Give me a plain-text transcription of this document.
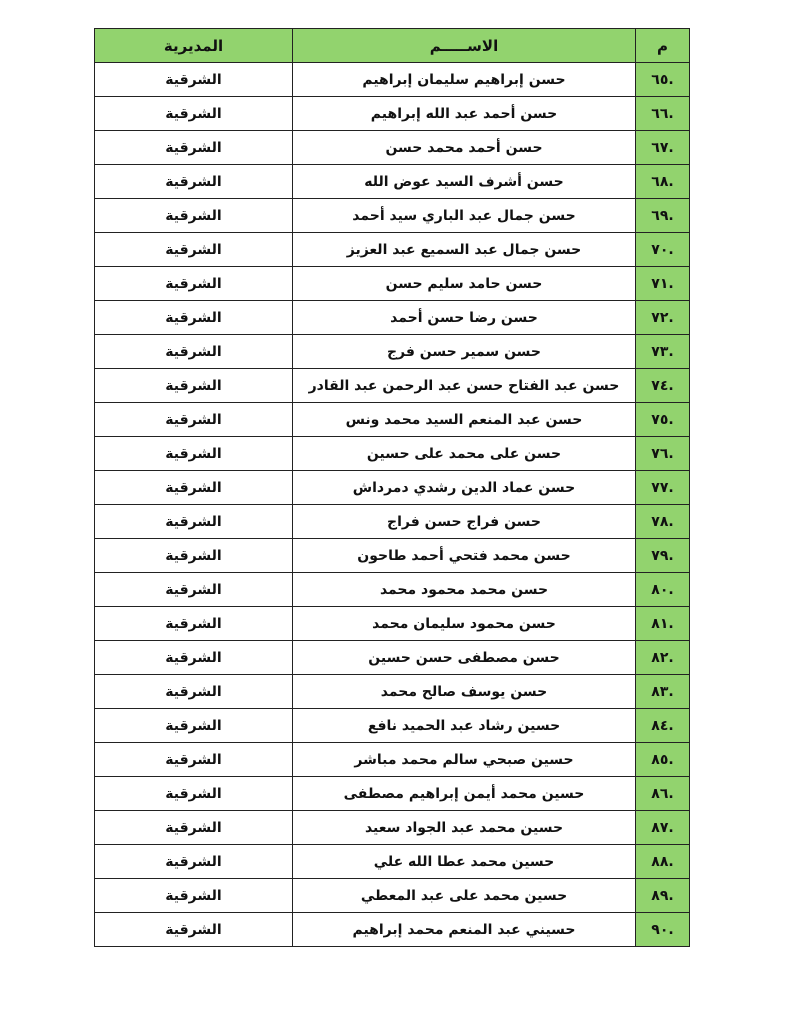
م	الاســـــم	المديرية
.٦٥	حسن إبراهيم سليمان إبراهيم	الشرقية
.٦٦	حسن أحمد عبد الله إبراهيم	الشرقية
.٦٧	حسن أحمد محمد حسن	الشرقية
.٦٨	حسن أشرف السيد عوض الله	الشرقية
.٦٩	حسن جمال عبد الباري سيد أحمد	الشرقية
.٧٠	حسن جمال عبد السميع عبد العزيز	الشرقية
.٧١	حسن حامد سليم حسن	الشرقية
.٧٢	حسن رضا حسن أحمد	الشرقية
.٧٣	حسن سمير حسن فرج	الشرقية
.٧٤	حسن عبد الفتاح حسن عبد الرحمن عبد القادر	الشرقية
.٧٥	حسن عبد المنعم السيد محمد ونس	الشرقية
.٧٦	حسن على محمد على حسين	الشرقية
.٧٧	حسن عماد الدين رشدي دمرداش	الشرقية
.٧٨	حسن فراج حسن فراج	الشرقية
.٧٩	حسن محمد فتحي أحمد طاحون	الشرقية
.٨٠	حسن محمد محمود محمد	الشرقية
.٨١	حسن محمود سليمان محمد	الشرقية
.٨٢	حسن مصطفى حسن حسين	الشرقية
.٨٣	حسن يوسف صالح محمد	الشرقية
.٨٤	حسين رشاد عبد الحميد نافع	الشرقية
.٨٥	حسين صبحي سالم محمد مباشر	الشرقية
.٨٦	حسين محمد أيمن إبراهيم مصطفى	الشرقية
.٨٧	حسين محمد عبد الجواد سعيد	الشرقية
.٨٨	حسين محمد عطا الله علي	الشرقية
.٨٩	حسين محمد على عبد المعطي	الشرقية
.٩٠	حسيني عبد المنعم محمد إبراهيم	الشرقية
